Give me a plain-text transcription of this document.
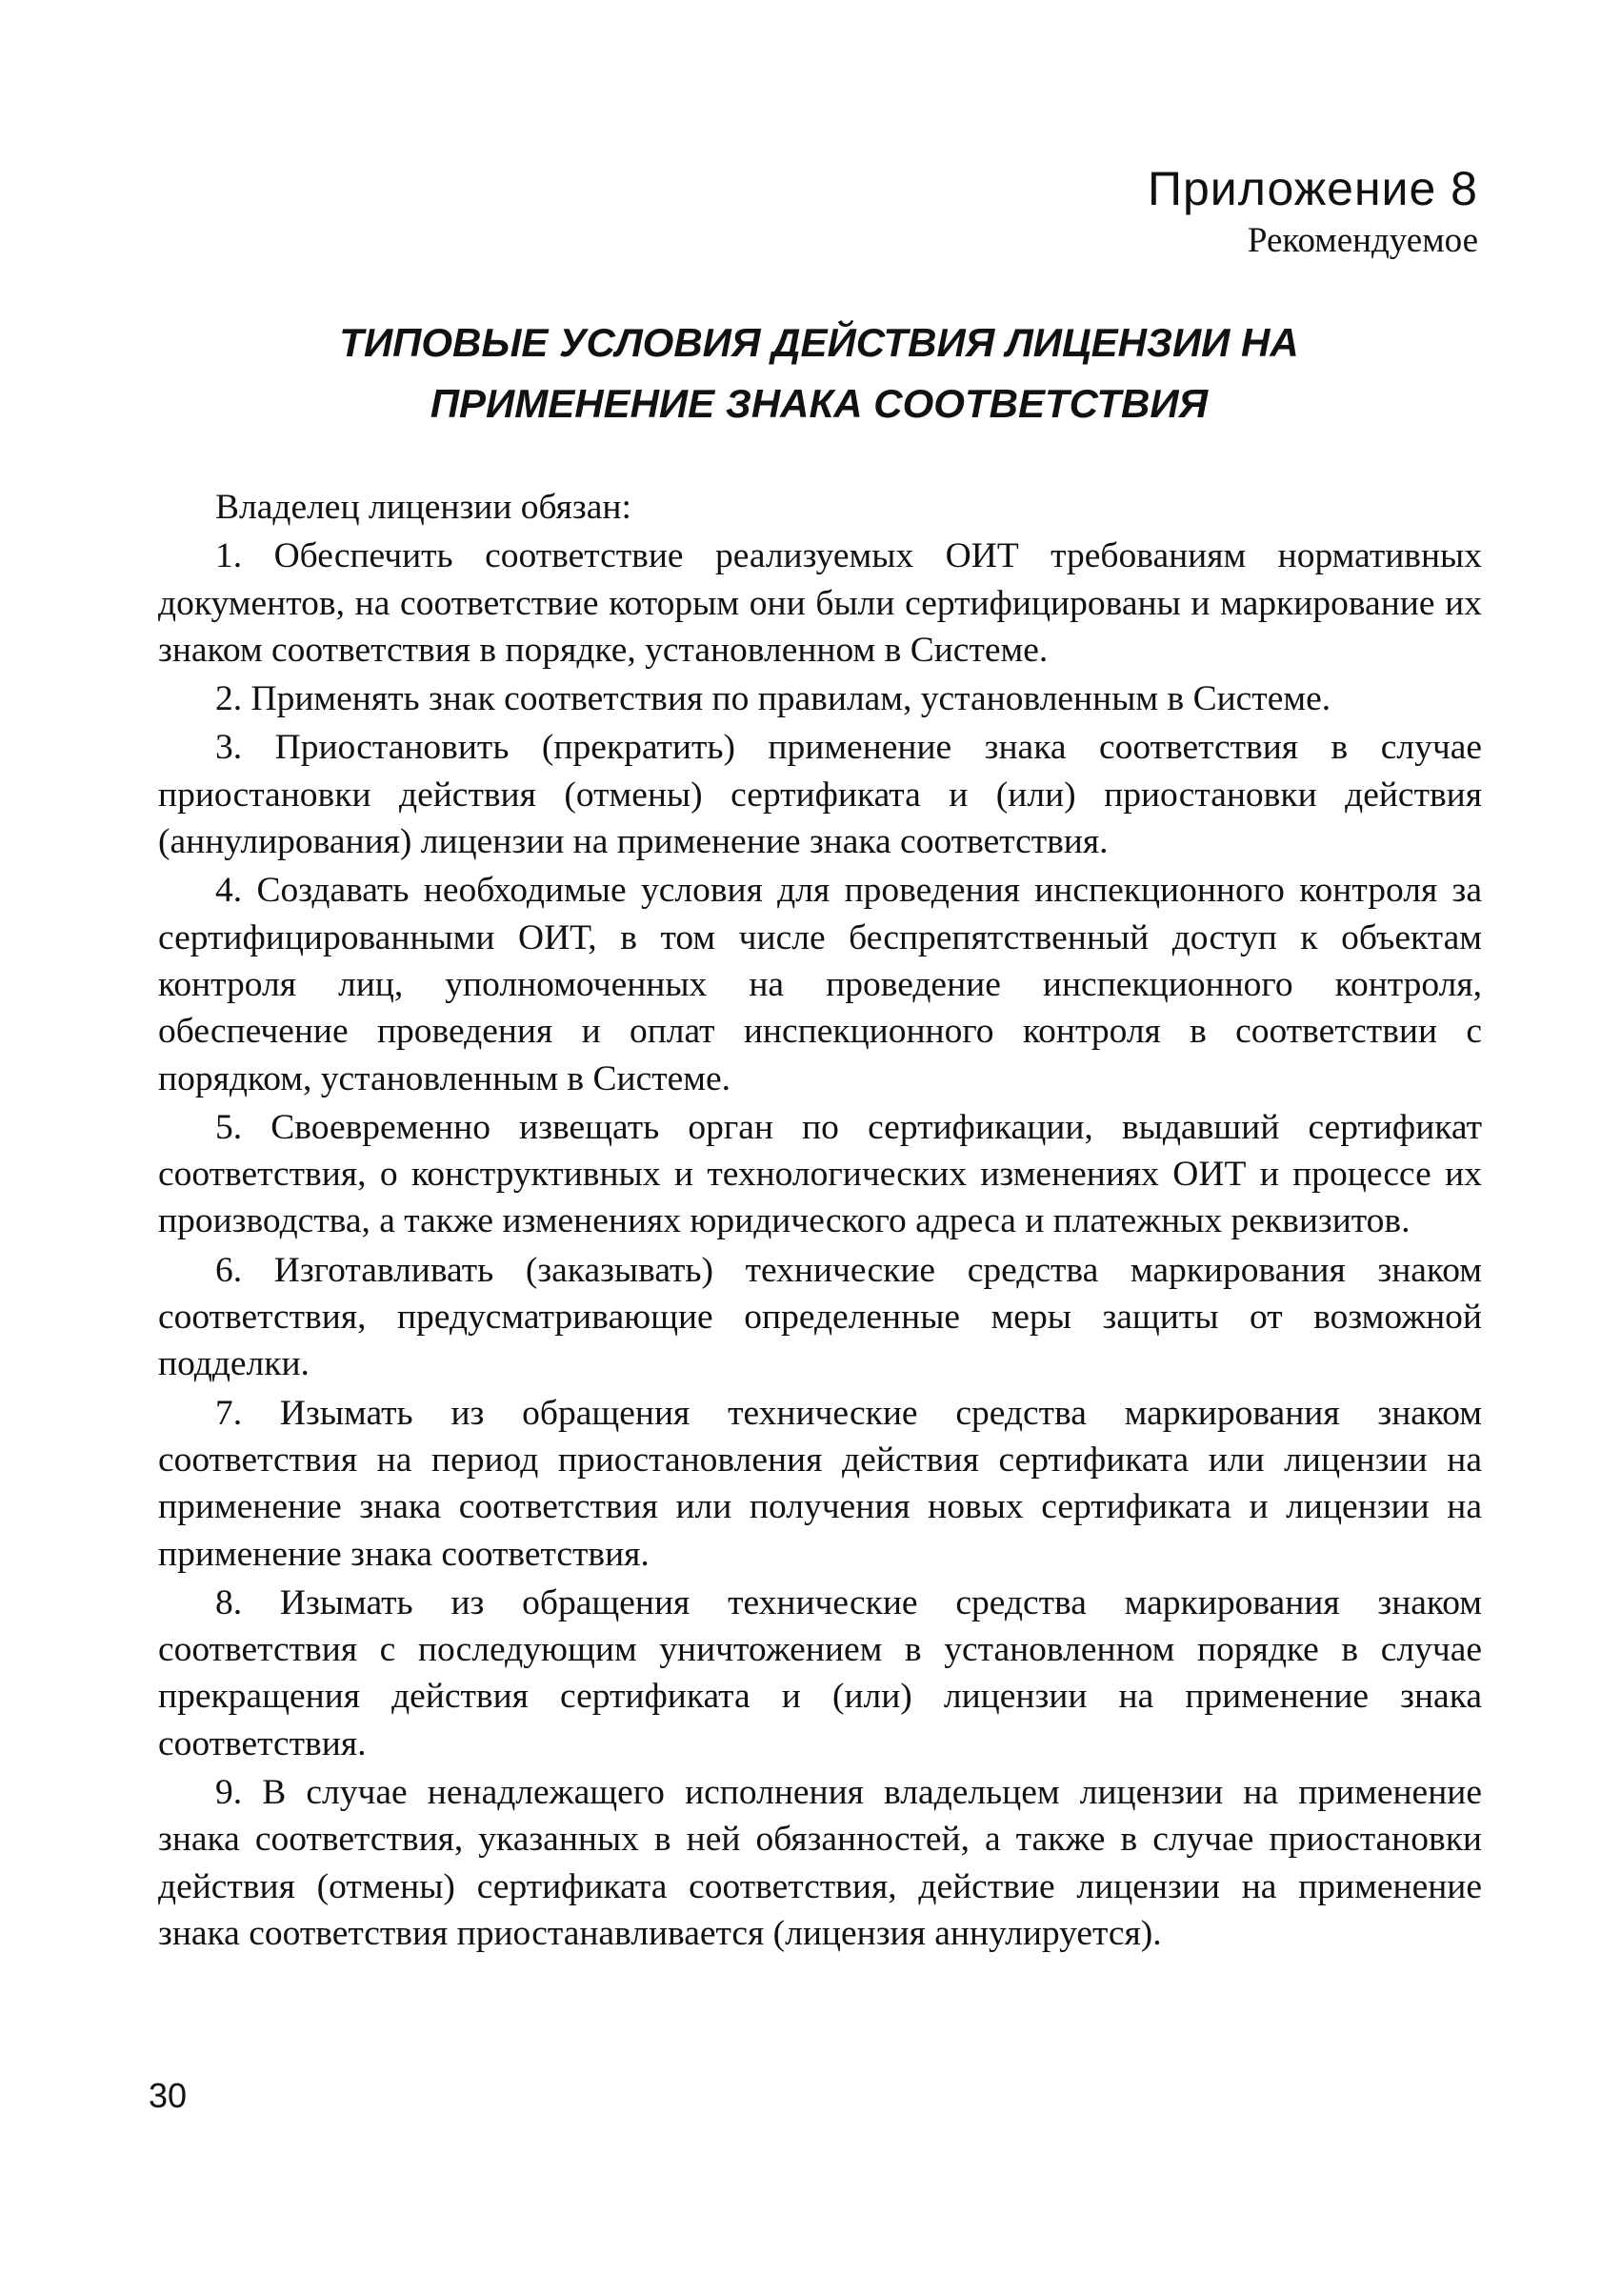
Приложение 8
Рекомендуемое
ТИПОВЫЕ УСЛОВИЯ ДЕЙСТВИЯ ЛИЦЕНЗИИ НА
ПРИМЕНЕНИЕ ЗНАКА СООТВЕТСТВИЯ

Владелец лицензии обязан:

1. Обеспечить соответствие реализуемых ОИТ требованиям нормативных документов, на соответствие которым они были сертифицированы и маркирование их знаком соответствия в порядке, установленном в Системе.

2. Применять знак соответствия по правилам, установленным в Системе.

3. Приостановить (прекратить) применение знака соответствия в случае приостановки действия (отмены) сертификата и (или) приостановки действия (аннулирования) лицензии на применение знака соответствия.

4. Создавать необходимые условия для проведения инспекционного контроля за сертифицированными ОИТ, в том числе беспрепятственный доступ к объектам контроля лиц, уполномоченных на проведение инспекционного контроля, обеспечение проведения и оплат инспекционного контроля в соответствии с порядком, установленным в Системе.

5. Своевременно извещать орган по сертификации, выдавший сертификат соответствия, о конструктивных и технологических изменениях ОИТ и процессе их производства, а также изменениях юридического адреса и платежных реквизитов.

6. Изготавливать (заказывать) технические средства маркирования знаком соответствия, предусматривающие определенные меры защиты от возможной подделки.

7. Изымать из обращения технические средства маркирования знаком соответствия на период приостановления действия сертификата или лицензии на применение знака соответствия или получения новых сертификата и лицензии на применение знака соответствия.

8. Изымать из обращения технические средства маркирования знаком соответствия с последующим уничтожением в установленном порядке в случае прекращения действия сертификата и (или) лицензии на применение знака соответствия.

9. В случае ненадлежащего исполнения владельцем лицензии на применение знака соответствия, указанных в ней обязанностей, а также в случае приостановки действия (отмены) сертификата соответствия, действие лицензии на применение знака соответствия приостанавливается (лицензия аннулируется).

30
